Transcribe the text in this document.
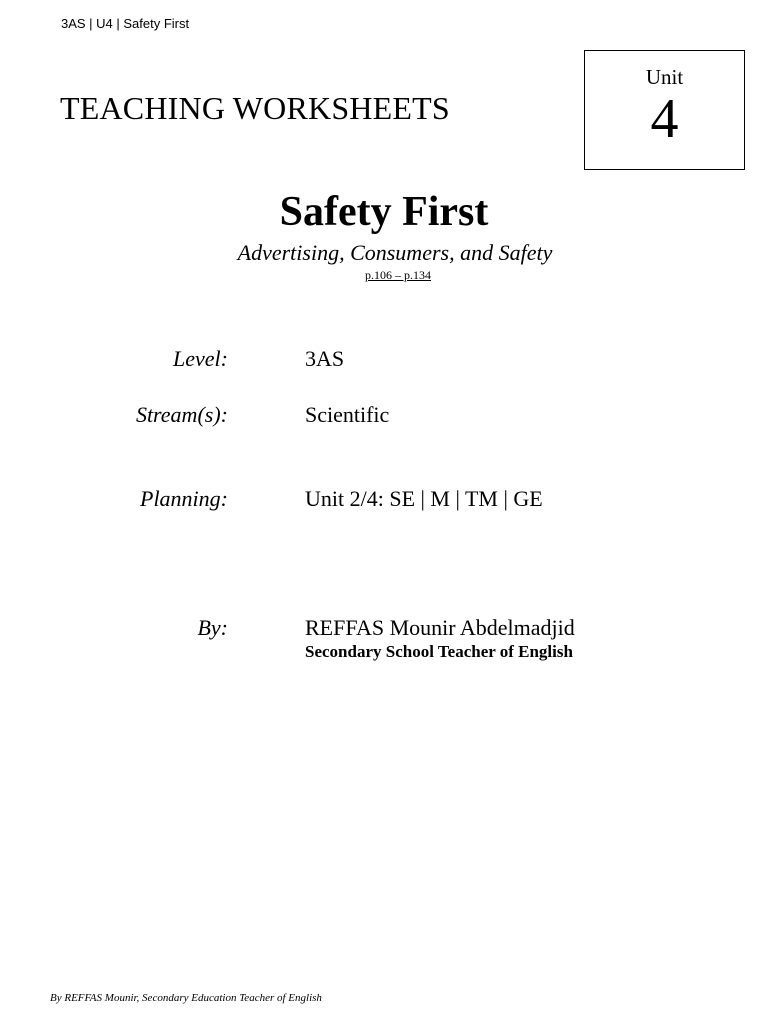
3AS | U4 | Safety First
TEACHING WORKSHEETS
Unit
4
Safety First
Advertising, Consumers, and Safety
p.106 – p.134
Level:	3AS
Stream(s):	Scientific
Planning:	Unit 2/4: SE | M | TM | GE
By:	REFFAS Mounir Abdelmadjid
Secondary School Teacher of English
By REFFAS Mounir, Secondary Education Teacher of English
